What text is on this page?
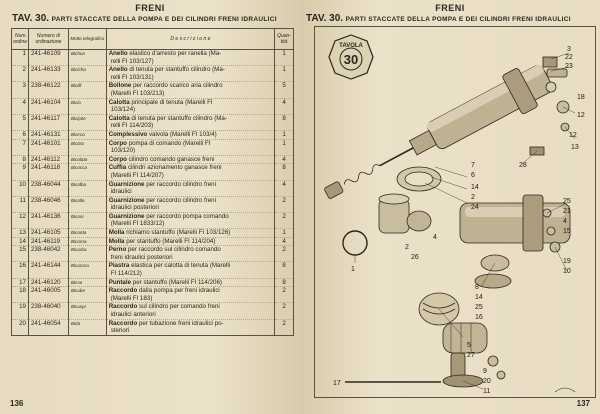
FRENI
TAV. 30. PARTI STACCATE DELLA POMPA E DEI CILINDRI FRENI IDRAULICI
Num. ordine	Numero di ordinazione	Motto telegrafico	D e s c r i z i o n e	Quan-tità
1	241-46109	Bichon	Anello elastico d'arresto per ranella (Ma-
relli FI 103/127)	1
2	241-46133	Bicicha	Anello di tenuta per stantuffo cilindro (Ma-
relli FI 103/131)	1
3	238-46122	Bicilli	Bollone per raccordo scarico aria cilindro
(Marelli FI 103/213)	5
4	241-46104	Bicio	Calotta principale di tenuta (Marelli FI
103/124)	4
5	241-46117	Bicipite	Calotta di tenuta per stantuffo cilindro (Ma-
relli FI 114/203)	8
6	241-46131	Bicirca	Complessivo valvola (Marelli FI 103/4)	1
7	241-46101	Bicitra	Corpo pompa di comando (Marelli FI
103/120)	1
8	241-46112	Bicolata	Corpo cilindro comando ganasce freni	4
9	241-46118	Bicocca	Cuffia cilindri azionamento ganasce freni
(Marelli FI 114/207)	8
10	238-46044	Bicolba	Guarnizione per raccordo cilindro freni
idraulici	4
11	238-46046	Bicolla	Guarnizione per raccordo cilindro freni
idraulici posteriori	2
12	241-46136	Biconi	Guarnizione per raccordo pompa comando
(Marelli FI 1833/12)	2
13	241-46105	Biconta	Molla richiamo stantuffo (Marelli FI 103/126)	1
14	241-46119	Bicorna	Molla per stantuffo (Marelli FI 114/204)	4
15	238-46042	Bicorba	Perno per raccordo sul cilindro comando
freni idraulici posteriori	2
16	241-46144	Bicorosa	Piastra elastica per calotta di tenuta (Marelli
FI 114/212)	8
17	241-46120	Bicse	Puntale per stantuffo (Marelli FI 114/206)	8
18	241-46005	Bicube	Raccordo dalla pompa per freni idraulici
(Marelli FI 183)	2
19	238-46040	Bicuspi	Raccordo sul cilindro per comando freni
idraulici anteriori	2
20	241-46054	Bida	Raccordo per tubazione freni idraulici po-
steriori	2
136
FRENI
TAV. 30. PARTI STACCATE DELLA POMPA E DEI CILINDRI FRENI IDRAULICI
TAVOLA
30
3
22
23
18
12
12
13
28
7
6
14
2
24
25
21
4
15
19
10
4
2
26
1
8
14
25
16
5
27
9
20
11
17
137
